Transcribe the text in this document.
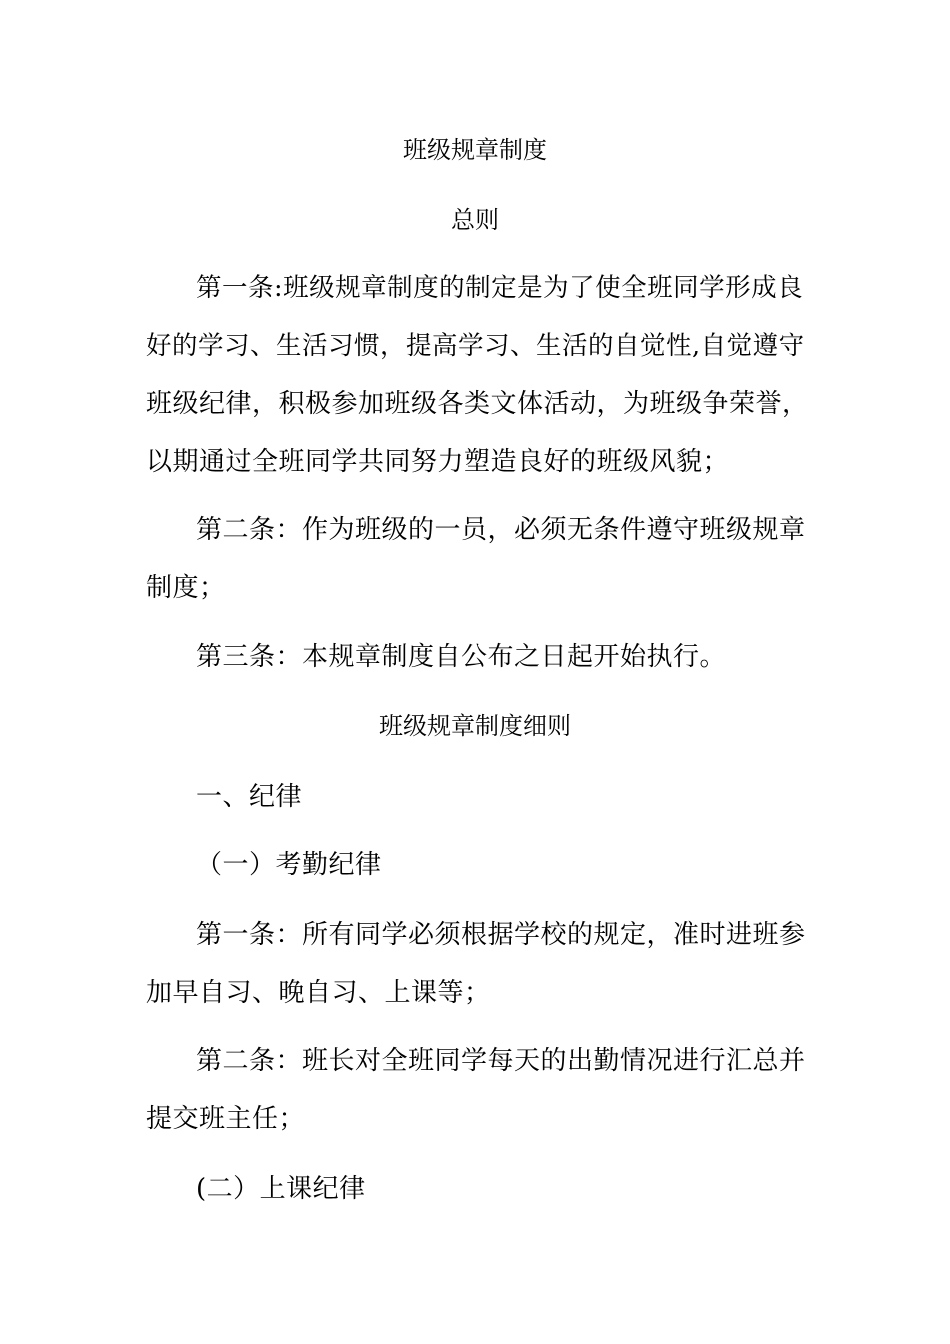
班级规章制度
总则
第一条:班级规章制度的制定是为了使全班同学形成良
好的学习、生活习惯，提高学习、生活的自觉性,自觉遵守
班级纪律，积极参加班级各类文体活动，为班级争荣誉，
以期通过全班同学共同努力塑造良好的班级风貌；
第二条：作为班级的一员，必须无条件遵守班级规章
制度；
第三条：本规章制度自公布之日起开始执行。
班级规章制度细则
一、纪律
（一）考勤纪律
第一条：所有同学必须根据学校的规定，准时进班参
加早自习、晚自习、上课等；
第二条：班长对全班同学每天的出勤情况进行汇总并
提交班主任；
(二）上课纪律
